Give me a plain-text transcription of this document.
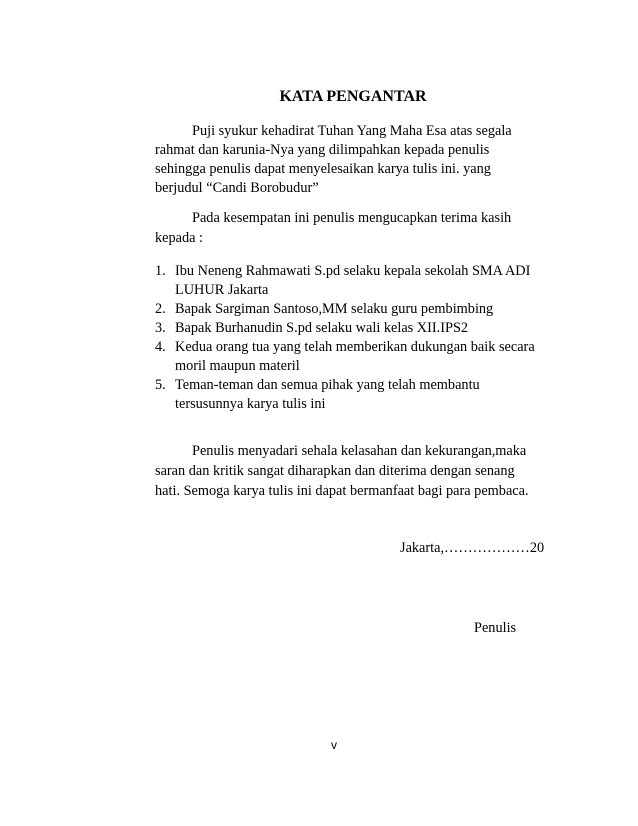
KATA PENGANTAR
Puji syukur kehadirat Tuhan Yang Maha Esa atas segala
rahmat dan karunia-Nya yang dilimpahkan kepada penulis
sehingga penulis dapat menyelesaikan karya tulis ini. yang
berjudul “Candi Borobudur”
Pada kesempatan ini penulis mengucapkan terima kasih
kepada :
1. Ibu Neneng Rahmawati S.pd selaku kepala sekolah SMA ADI
LUHUR Jakarta
2. Bapak Sargiman Santoso,MM selaku guru pembimbing
3. Bapak Burhanudin S.pd selaku wali kelas XII.IPS2
4. Kedua orang tua yang telah memberikan dukungan baik secara
moril maupun materil
5. Teman-teman dan semua pihak yang telah membantu
tersusunnya karya tulis ini
Penulis menyadari sehala kelasahan dan kekurangan,maka
saran dan kritik sangat diharapkan dan diterima dengan senang
hati. Semoga karya tulis ini dapat bermanfaat bagi para pembaca.
Jakarta,………………20
Penulis
v
